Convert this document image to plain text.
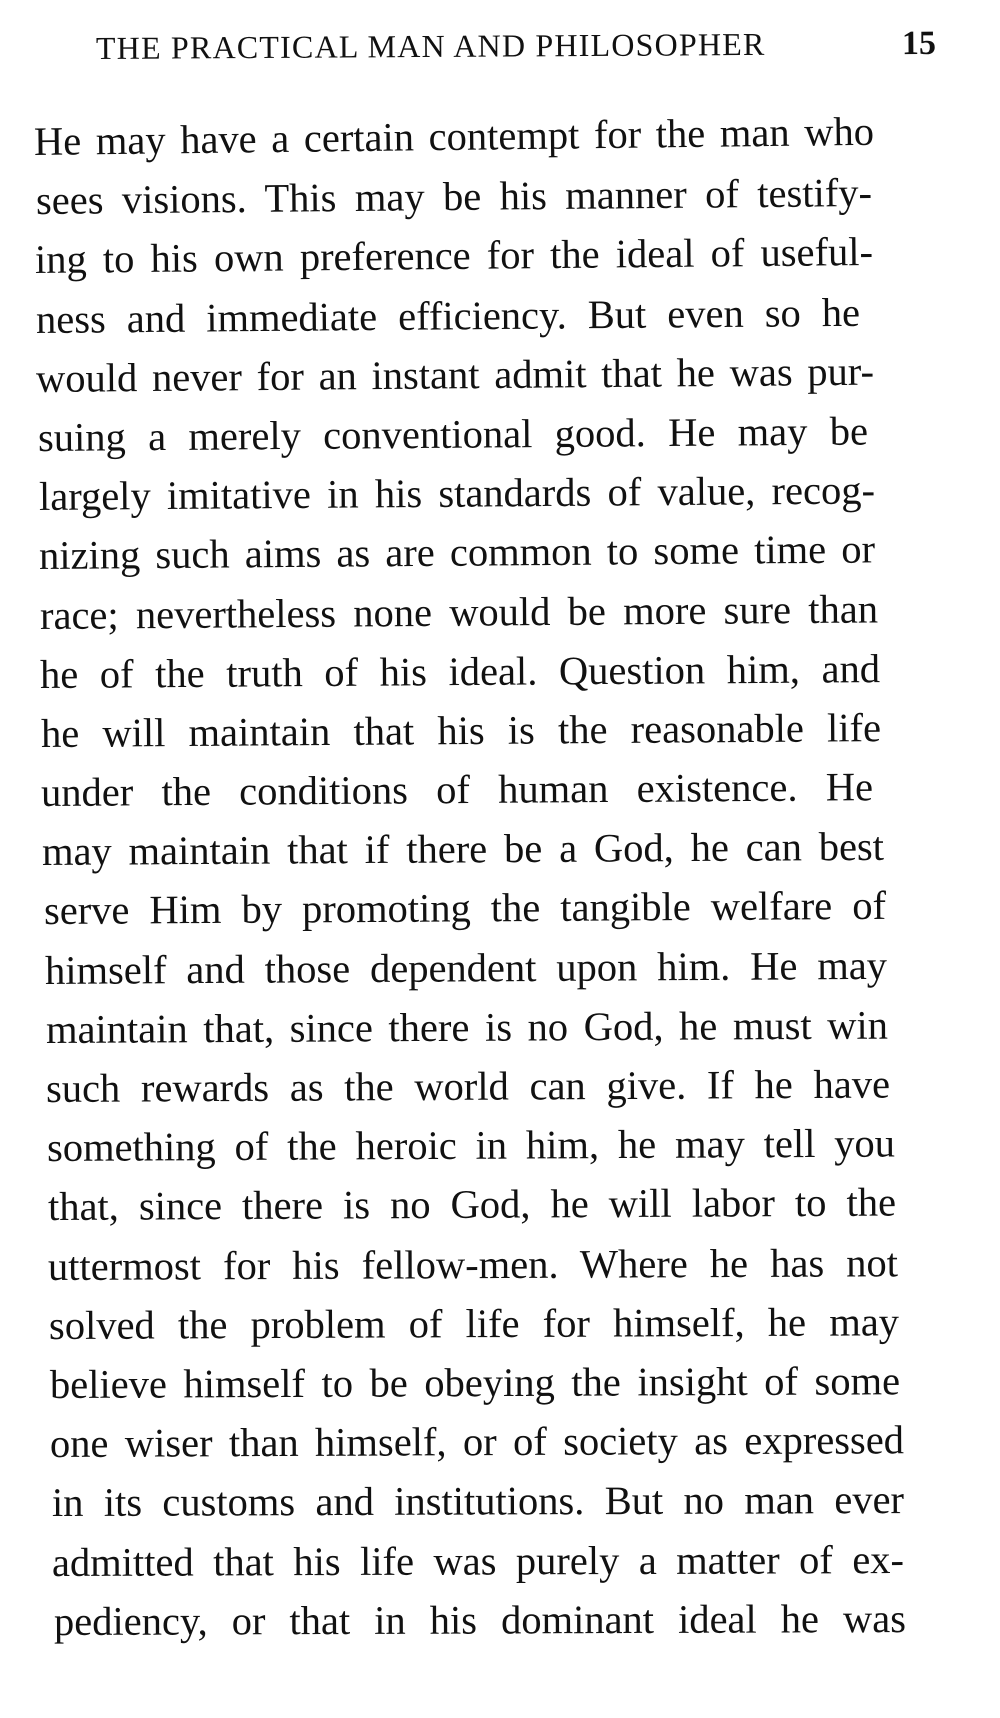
THE PRACTICAL MAN AND PHILOSOPHER	15
He may have a certain contempt for the man who
sees visions. This may be his manner of testify-
ing to his own preference for the ideal of useful-
ness and immediate efficiency. But even so he
would never for an instant admit that he was pur-
suing a merely conventional good. He may be
largely imitative in his standards of value, recog-
nizing such aims as are common to some time or
race; nevertheless none would be more sure than
he of the truth of his ideal. Question him, and
he will maintain that his is the reasonable life
under the conditions of human existence. He
may maintain that if there be a God, he can best
serve Him by promoting the tangible welfare of
himself and those dependent upon him. He may
maintain that, since there is no God, he must win
such rewards as the world can give. If he have
something of the heroic in him, he may tell you
that, since there is no God, he will labor to the
uttermost for his fellow-men. Where he has not
solved the problem of life for himself, he may
believe himself to be obeying the insight of some
one wiser than himself, or of society as expressed
in its customs and institutions. But no man ever
admitted that his life was purely a matter of ex-
pediency, or that in his dominant ideal he was
